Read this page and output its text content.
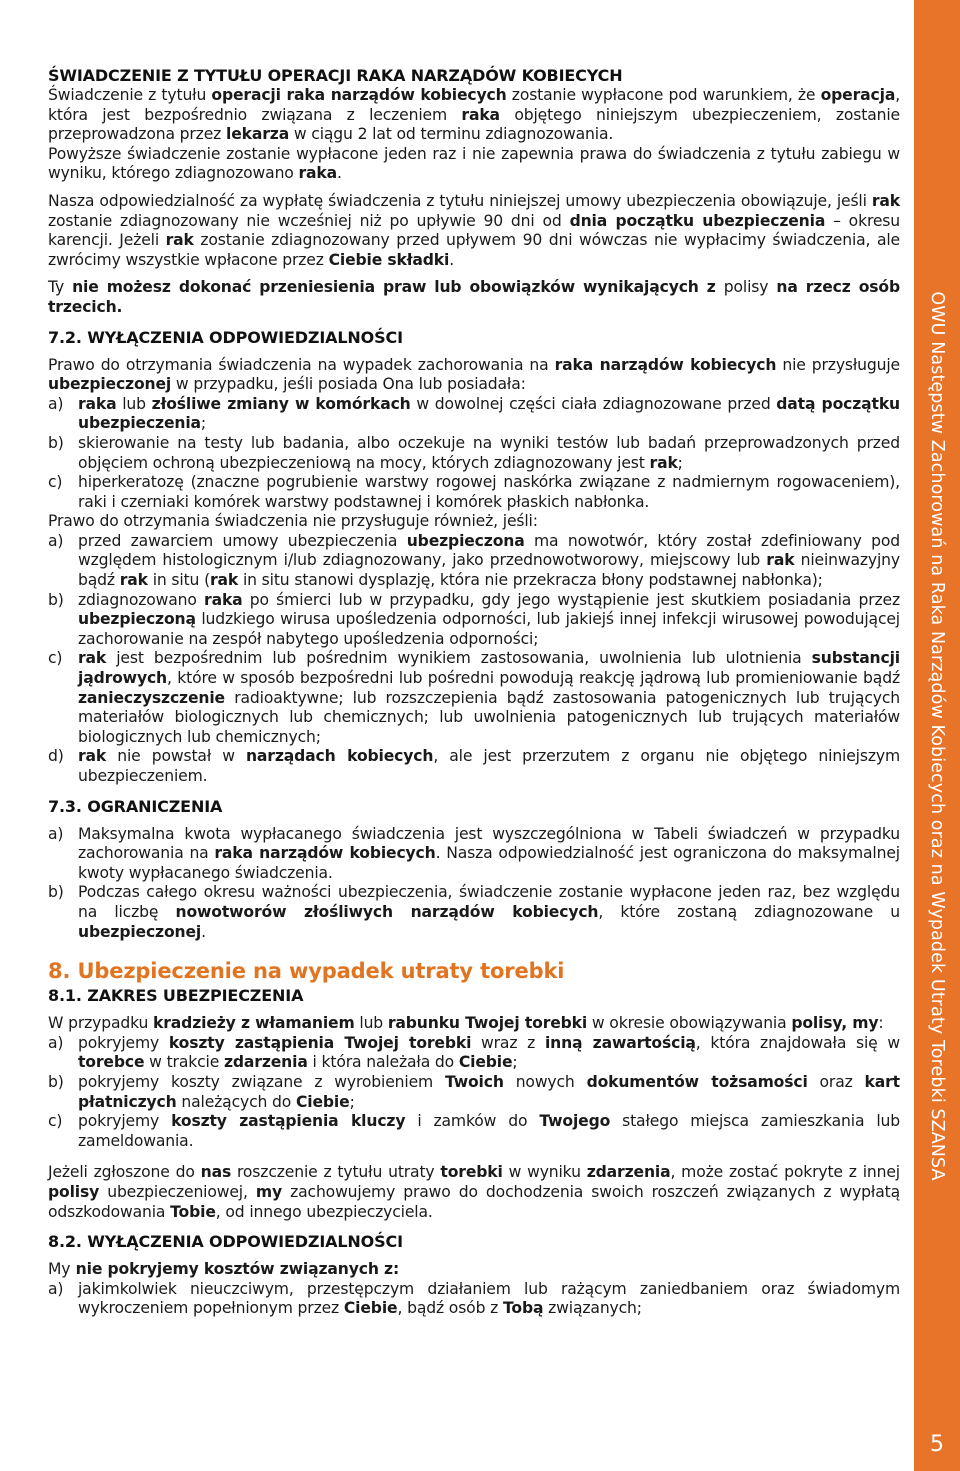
ŚWIADCZENIE Z TYTUŁU OPERACJI RAKA NARZĄDÓW KOBIECYCH

Świadczenie z tytułu operacji raka narządów kobiecych zostanie wypłacone pod warunkiem, że operacja, która jest bezpośrednio związana z leczeniem raka objętego niniejszym ubezpieczeniem, zostanie przeprowadzona przez lekarza w ciągu 2 lat od terminu zdiagnozowania.

Powyższe świadczenie zostanie wypłacone jeden raz i nie zapewnia prawa do świadczenia z tytułu zabiegu w wyniku, którego zdiagnozowano raka.

Nasza odpowiedzialność za wypłatę świadczenia z tytułu niniejszej umowy ubezpieczenia obowiązuje, jeśli rak zostanie zdiagnozowany nie wcześniej niż po upływie 90 dni od dnia początku ubezpieczenia – okresu karencji. Jeżeli rak zostanie zdiagnozowany przed upływem 90 dni wówczas nie wypłacimy świadczenia, ale zwrócimy wszystkie wpłacone przez Ciebie składki.

Ty nie możesz dokonać przeniesienia praw lub obowiązków wynikających z polisy na rzecz osób trzecich.

7.2. WYŁĄCZENIA ODPOWIEDZIALNOŚCI

Prawo do otrzymania świadczenia na wypadek zachorowania na raka narządów kobiecych nie przysługuje ubezpieczonej w przypadku, jeśli posiada Ona lub posiadała:

a) raka lub złośliwe zmiany w komórkach w dowolnej części ciała zdiagnozowane przed datą początku ubezpieczenia;

b) skierowanie na testy lub badania, albo oczekuje na wyniki testów lub badań przeprowadzonych przed objęciem ochroną ubezpieczeniową na mocy, których zdiagnozowany jest rak;

c) hiperkeratozę (znaczne pogrubienie warstwy rogowej naskórka związane z nadmiernym rogowaceniem), raki i czerniaki komórek warstwy podstawnej i komórek płaskich nabłonka.

Prawo do otrzymania świadczenia nie przysługuje również, jeśli:

a) przed zawarciem umowy ubezpieczenia ubezpieczona ma nowotwór, który został zdefiniowany pod względem histologicznym i/lub zdiagnozowany, jako przednowotworowy, miejscowy lub rak nieinwazyjny bądź rak in situ (rak in situ stanowi dysplazję, która nie przekracza błony podstawnej nabłonka);

b) zdiagnozowano raka po śmierci lub w przypadku, gdy jego wystąpienie jest skutkiem posiadania przez ubezpieczoną ludzkiego wirusa upośledzenia odporności, lub jakiejś innej infekcji wirusowej powodującej zachorowanie na zespół nabytego upośledzenia odporności;

c) rak jest bezpośrednim lub pośrednim wynikiem zastosowania, uwolnienia lub ulotnienia substancji jądrowych, które w sposób bezpośredni lub pośredni powodują reakcję jądrową lub promieniowanie bądź zanieczyszczenie radioaktywne; lub rozszczepienia bądź zastosowania patogenicznych lub trujących materiałów biologicznych lub chemicznych; lub uwolnienia patogenicznych lub trujących materiałów biologicznych lub chemicznych;

d) rak nie powstał w narządach kobiecych, ale jest przerzutem z organu nie objętego niniejszym ubezpieczeniem.

7.3. OGRANICZENIA

a) Maksymalna kwota wypłacanego świadczenia jest wyszczególniona w Tabeli świadczeń w przypadku zachorowania na raka narządów kobiecych. Nasza odpowiedzialność jest ograniczona do maksymalnej kwoty wypłacanego świadczenia.

b) Podczas całego okresu ważności ubezpieczenia, świadczenie zostanie wypłacone jeden raz, bez względu na liczbę nowotworów złośliwych narządów kobiecych, które zostaną zdiagnozowane u ubezpieczonej.

8. Ubezpieczenie na wypadek utraty torebki
8.1. ZAKRES UBEZPIECZENIA

W przypadku kradzieży z włamaniem lub rabunku Twojej torebki w okresie obowiązywania polisy, my:

a) pokryjemy koszty zastąpienia Twojej torebki wraz z inną zawartością, która znajdowała się w torebce w trakcie zdarzenia i która należała do Ciebie;

b) pokryjemy koszty związane z wyrobieniem Twoich nowych dokumentów tożsamości oraz kart płatniczych należących do Ciebie;

c) pokryjemy koszty zastąpienia kluczy i zamków do Twojego stałego miejsca zamieszkania lub zameldowania.

Jeżeli zgłoszone do nas roszczenie z tytułu utraty torebki w wyniku zdarzenia, może zostać pokryte z innej polisy ubezpieczeniowej, my zachowujemy prawo do dochodzenia swoich roszczeń związanych z wypłatą odszkodowania Tobie, od innego ubezpieczyciela.

8.2. WYŁĄCZENIA ODPOWIEDZIALNOŚCI

My nie pokryjemy kosztów związanych z:

a) jakimkolwiek nieuczciwym, przestępczym działaniem lub rażącym zaniedbaniem oraz świadomym wykroczeniem popełnionym przez Ciebie, bądź osób z Tobą związanych;

OWU Następstw Zachorowań na Raka Narządów Kobiecych oraz na Wypadek Utraty Torebki SZANSA
5
